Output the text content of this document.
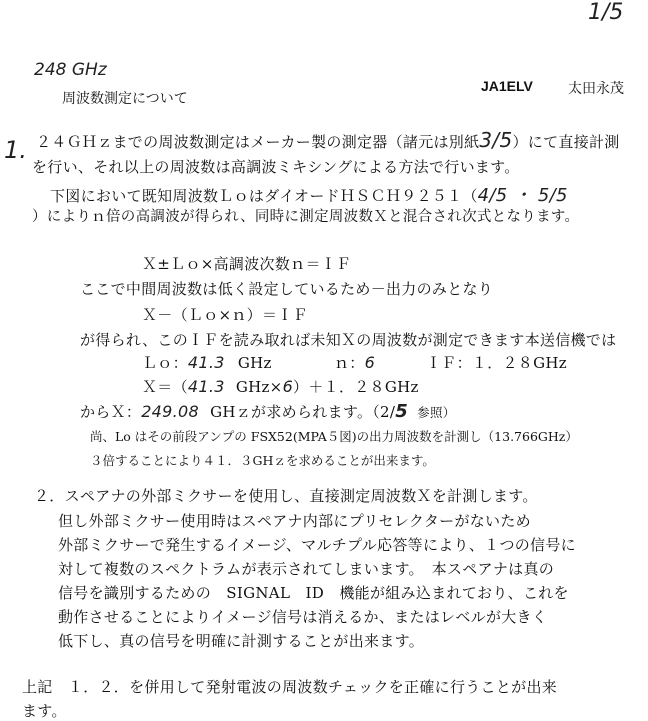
1/5
248 GHz
周波数測定について
JA1ELV	太田永茂
1. ２４ＧＨｚまでの周波数測定はメーカー製の測定器（諸元は別紙3/5）にて直接計測
を行い、それ以上の周波数は高調波ミキシングによる方法で行います。
下図において既知周波数ＬｏはダイオードＨＳＣＨ９２５１（4/5 ・ 5/5
）によりｎ倍の高調波が得られ、同時に測定周波数Ｘと混合され次式となります。
Ｘ±Ｌｏ×高調波次数ｎ＝ＩＦ
ここで中間周波数は低く設定しているため－出力のみとなり
Ｘ－（Ｌｏ×ｎ）＝ＩＦ
が得られ、このＩＦを読み取れば未知Ｘの周波数が測定できます本送信機では
Ｌｏ：41.3 GHz	ｎ：6	ＩＦ：１．２８GHz
Ｘ＝（41.3 GHz×6）＋１．２８GHz
からＸ：249.08 GHｚが求められます。（2/5 参照）
尚、Lo はその前段アンプの FSX52(MPA５図)の出力周波数を計測し（13.766GHz）
３倍することにより４１．３GHｚを求めることが出来ます。
２．スペアナの外部ミクサーを使用し、直接測定周波数Ｘを計測します。
但し外部ミクサー使用時はスペアナ内部にプリセレクターがないため
外部ミクサーで発生するイメージ、マルチプル応答等により、１つの信号に
対して複数のスペクトラムが表示されてしまいます。　本スペアナは真の
信号を識別するための　SIGNAL　ID　機能が組み込まれており、これを
動作させることによりイメージ信号は消えるか、またはレベルが大きく
低下し、真の信号を明確に計測することが出来ます。
上記　１．２．を併用して発射電波の周波数チェックを正確に行うことが出来
ます。
